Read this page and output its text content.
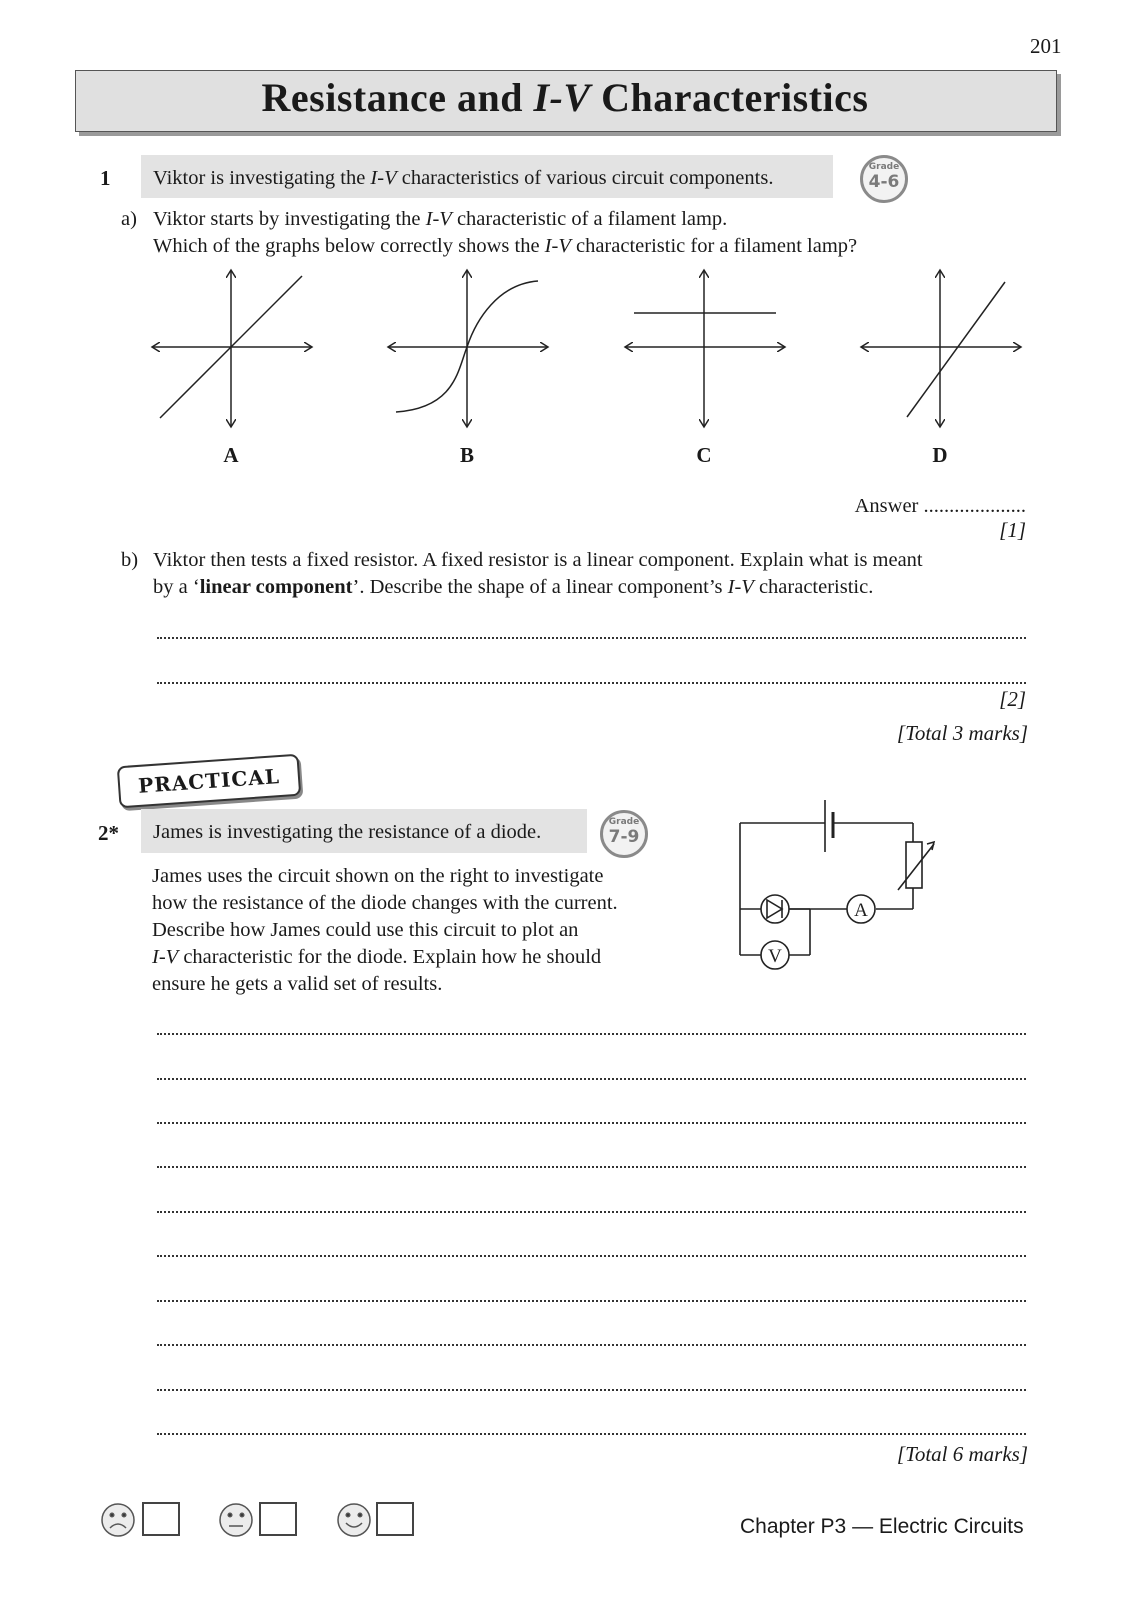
201
Resistance and I-V Characteristics
1	Viktor is investigating the I-V characteristics of various circuit components.	Grade
4-6
a) Viktor starts by investigating the I-V characteristic of a filament lamp.
Which of the graphs below correctly shows the I-V characteristic for a filament lamp?
A	B	C	D
Answer ....................
[1]
b) Viktor then tests a fixed resistor. A fixed resistor is a linear component. Explain what is meant
by a ‘linear component’. Describe the shape of a linear component’s I-V characteristic.
[2]
[Total 3 marks]
PRACTICAL
2*	James is investigating the resistance of a diode.	Grade
7-9
James uses the circuit shown on the right to investigate
how the resistance of the diode changes with the current.
Describe how James could use this circuit to plot an
I-V characteristic for the diode. Explain how he should
ensure he gets a valid set of results.
A
V
[Total 6 marks]
Chapter P3 — Electric Circuits
